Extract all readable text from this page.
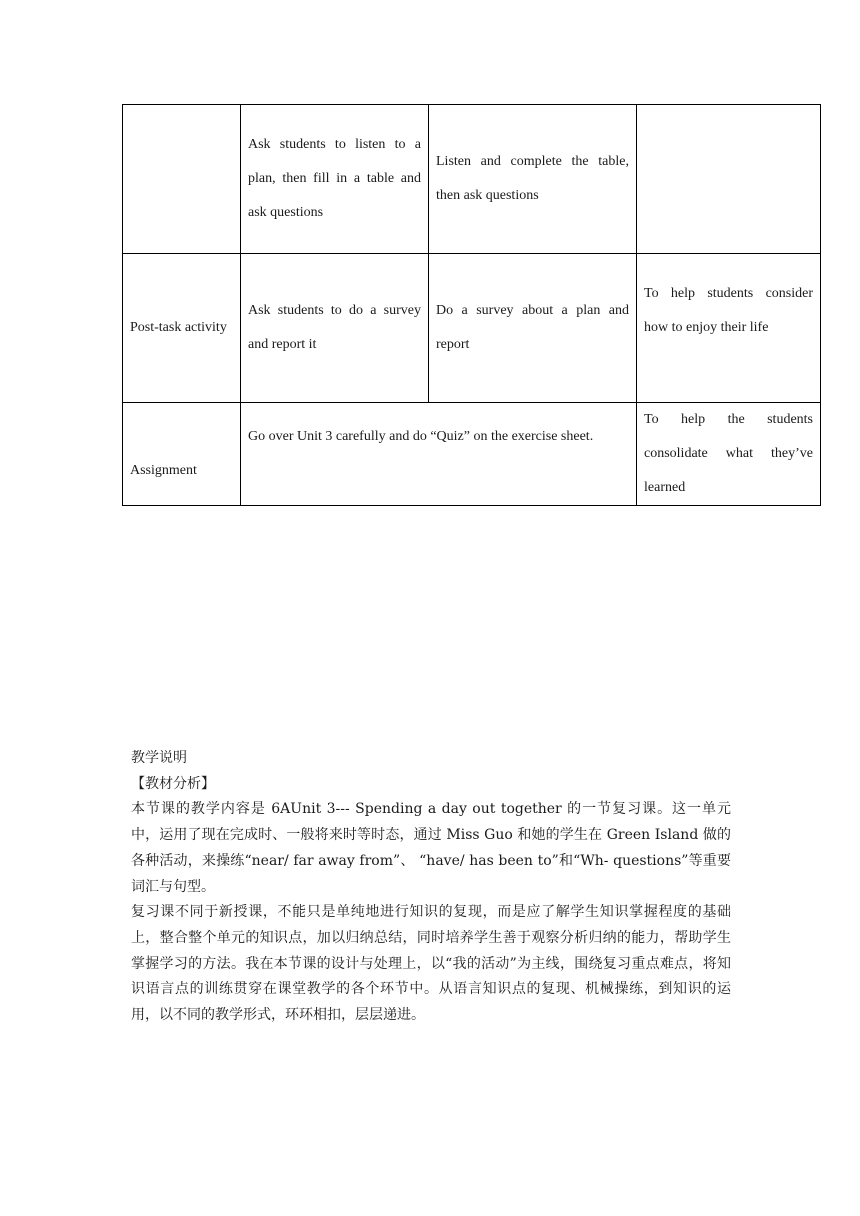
	Ask students to listen to a plan, then fill in a table and ask questions	Listen and complete the table, then ask questions	

Post-task activity	Ask students to do a survey and report it	Do a survey about a plan and report	To help students consider how to enjoy their life

Assignment	Go over Unit 3 carefully and do “Quiz” on the exercise sheet.		To help the students consolidate what they’ve learned

教学说明

【教材分析】

本节课的教学内容是 6AUnit 3--- Spending a day out together 的一节复习课。这一单元中，运用了现在完成时、一般将来时等时态，通过 Miss Guo 和她的学生在 Green Island 做的各种活动，来操练“near/ far away from”、 “have/ has been to”和“Wh- questions”等重要词汇与句型。

复习课不同于新授课，不能只是单纯地进行知识的复现，而是应了解学生知识掌握程度的基础上，整合整个单元的知识点，加以归纳总结，同时培养学生善于观察分析归纳的能力，帮助学生掌握学习的方法。我在本节课的设计与处理上，以“我的活动”为主线，围绕复习重点难点，将知识语言点的训练贯穿在课堂教学的各个环节中。从语言知识点的复现、机械操练，到知识的运用，以不同的教学形式，环环相扣，层层递进。
